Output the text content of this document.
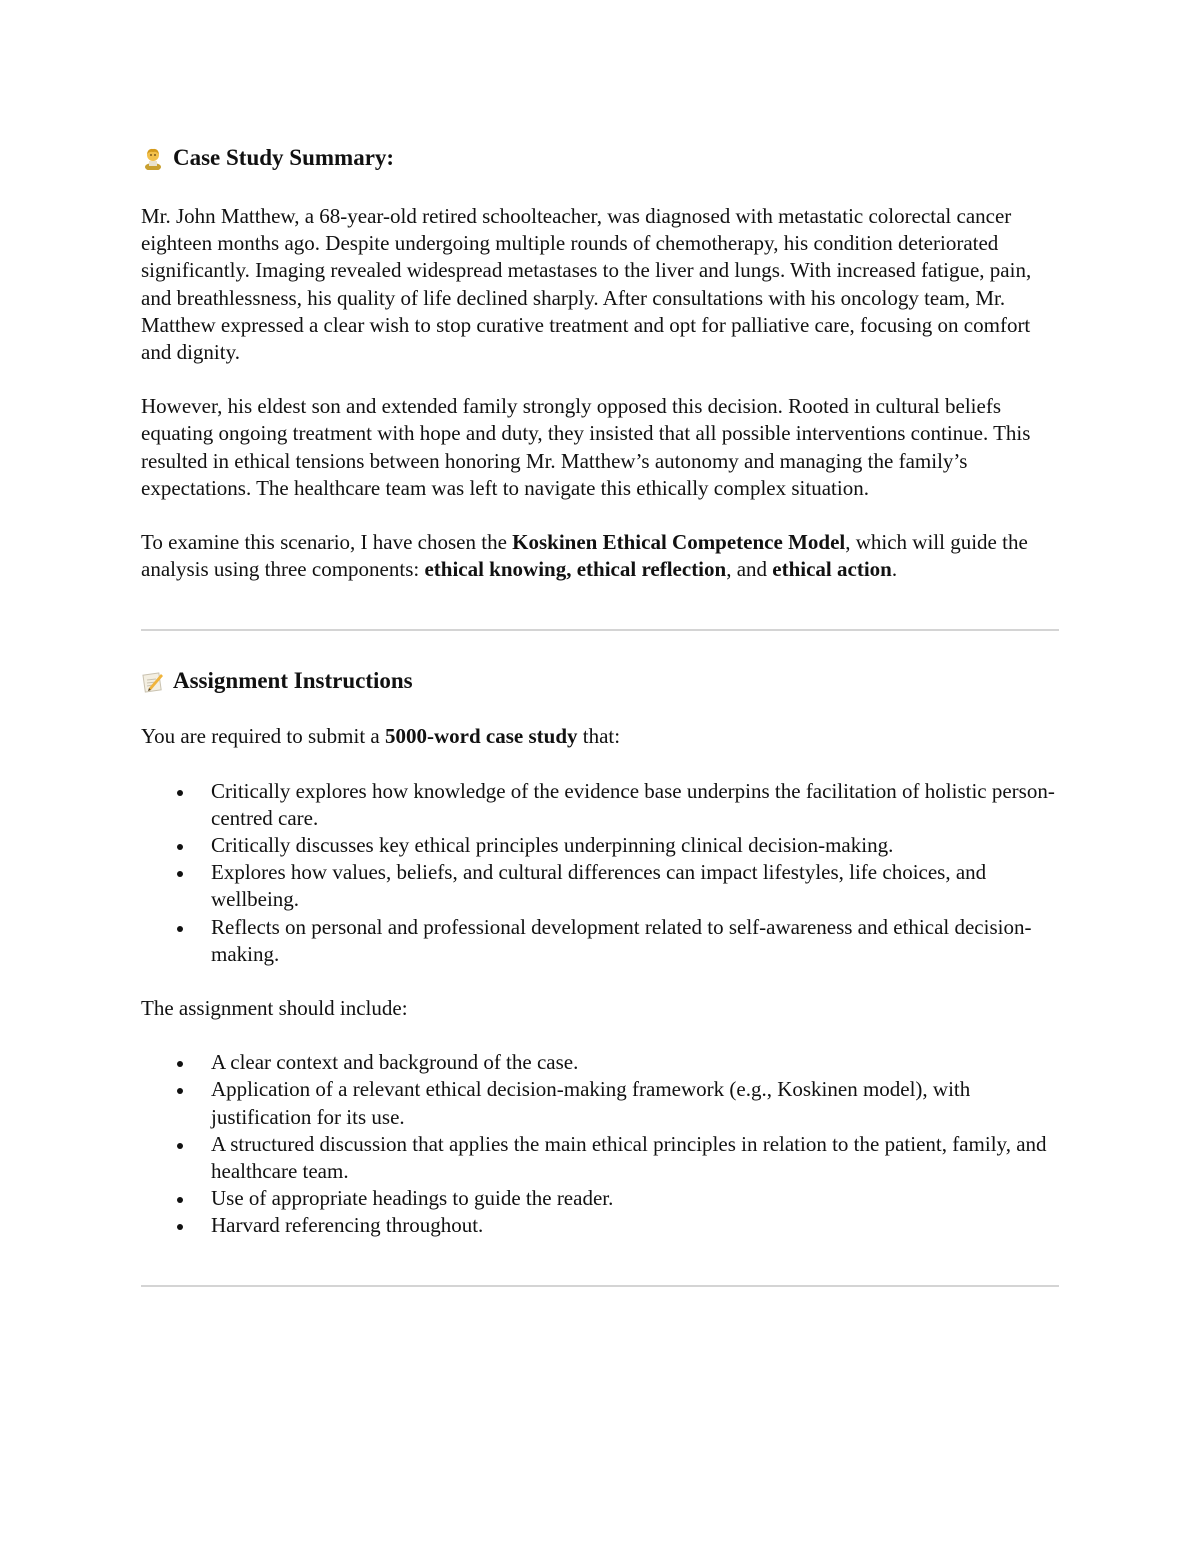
Case Study Summary:

Mr. John Matthew, a 68-year-old retired schoolteacher, was diagnosed with metastatic colorectal cancer eighteen months ago. Despite undergoing multiple rounds of chemotherapy, his condition deteriorated significantly. Imaging revealed widespread metastases to the liver and lungs. With increased fatigue, pain, and breathlessness, his quality of life declined sharply. After consultations with his oncology team, Mr. Matthew expressed a clear wish to stop curative treatment and opt for palliative care, focusing on comfort and dignity.

However, his eldest son and extended family strongly opposed this decision. Rooted in cultural beliefs equating ongoing treatment with hope and duty, they insisted that all possible interventions continue. This resulted in ethical tensions between honoring Mr. Matthew’s autonomy and managing the family’s expectations. The healthcare team was left to navigate this ethically complex situation.

To examine this scenario, I have chosen the Koskinen Ethical Competence Model, which will guide the analysis using three components: ethical knowing, ethical reflection, and ethical action.

Assignment Instructions

You are required to submit a 5000-word case study that:

Critically explores how knowledge of the evidence base underpins the facilitation of holistic person-centred care.
Critically discusses key ethical principles underpinning clinical decision-making.
Explores how values, beliefs, and cultural differences can impact lifestyles, life choices, and wellbeing.
Reflects on personal and professional development related to self-awareness and ethical decision-making.

The assignment should include:

A clear context and background of the case.
Application of a relevant ethical decision-making framework (e.g., Koskinen model), with justification for its use.
A structured discussion that applies the main ethical principles in relation to the patient, family, and healthcare team.
Use of appropriate headings to guide the reader.
Harvard referencing throughout.
